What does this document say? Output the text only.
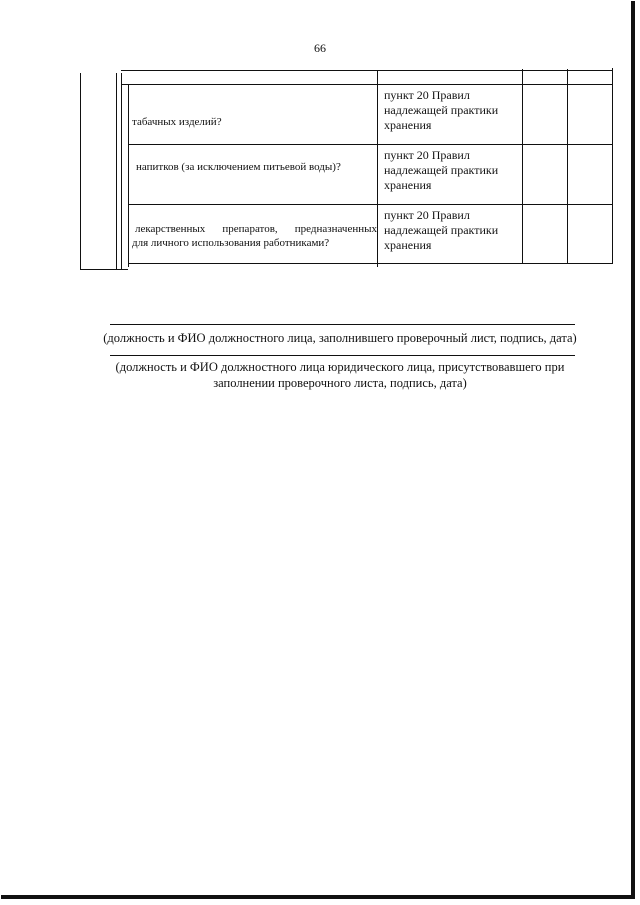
66
табачных изделий?
пункт 20 Правил надлежащей практики хранения
напитков (за исключением питьевой воды)?
пункт 20 Правил надлежащей практики хранения
лекарственных препаратов, предназначенных
для личного использования работниками?
пункт 20 Правил надлежащей практики хранения
(должность и ФИО должностного лица, заполнившего проверочный лист, подпись, дата)
(должность и ФИО должностного лица юридического лица, присутствовавшего при
заполнении проверочного листа, подпись, дата)
